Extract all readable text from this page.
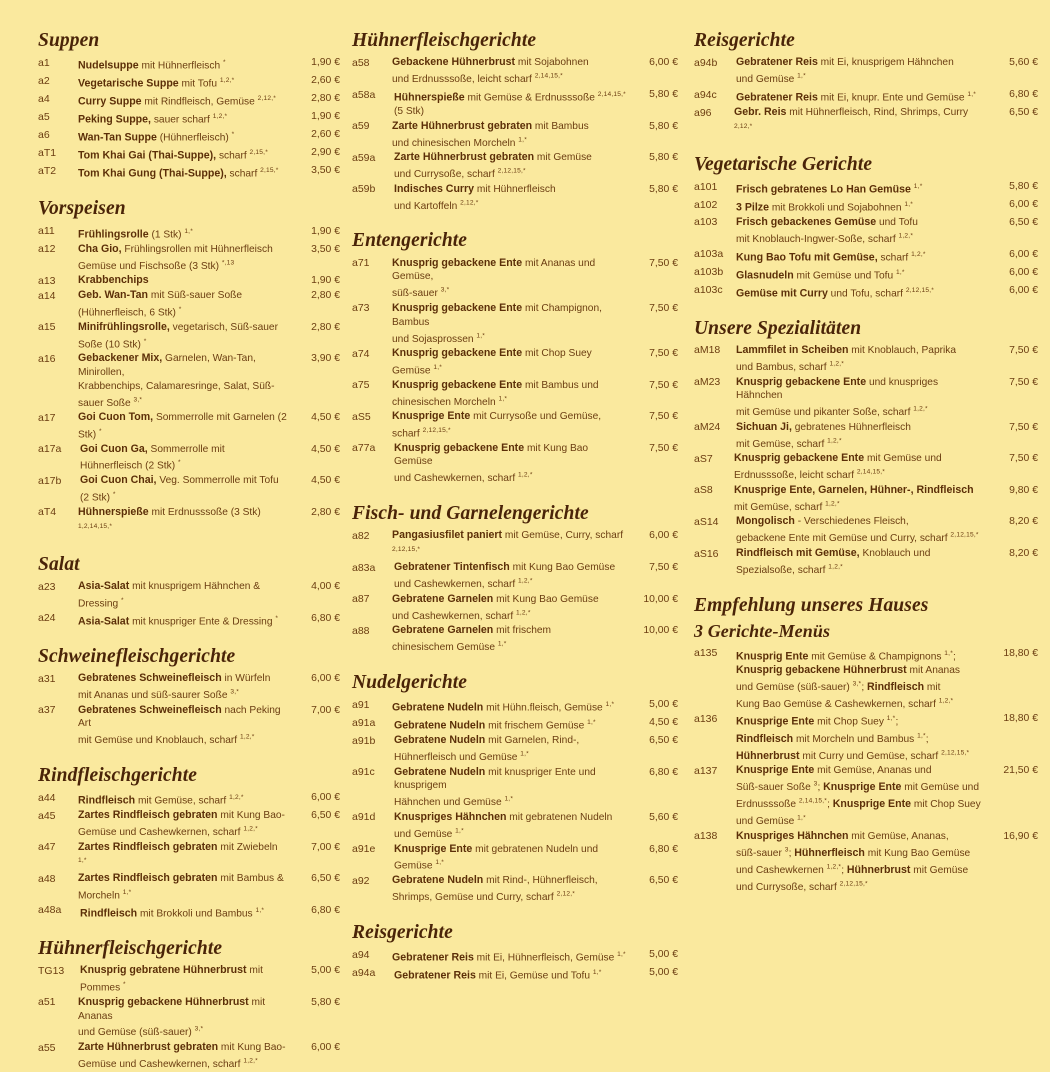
Suppen
a1	Nudelsuppe mit Hühnerfleisch *	1,90 €
a2	Vegetarische Suppe mit Tofu $^{1,2,*}$	2,60 €
a4	Curry Suppe mit Rindfleisch, Gemüse $^{2,12,*}$	2,80 €
a5	Peking Suppe, sauer scharf $^{1,2,*}$	1,90 €
a6	Wan-Tan Suppe (Hühnerfleisch) *	2,60 €
aT1	Tom Khai Gai (Thai-Suppe), scharf $^{2,15,*}$	2,90 €
aT2	Tom Khai Gung (Thai-Suppe), scharf $^{2,15,*}$	3,50 €
Vorspeisen
a11	Frühlingsrolle (1 Stk) $^{1,*}$	1,90 €
a12	Cha Gio, Frühlingsrollen mit Hühnerfleisch
Gemüse und Fischsoße (3 Stk) $^{*,13}$
3,50 €
a13	Krabbenchips	1,90 €
a14	Geb. Wan-Tan mit Süß-sauer Soße (Hühnerfleisch, 6 Stk) *
2,80 €
a15	Minifrühlingsrolle, vegetarisch, Süß-sauer Soße (10 Stk) *
2,80 €
a16	Gebackener Mix, Garnelen, Wan-Tan, Minirollen,
Krabbenchips, Calamaresringe, Salat, Süß-sauer Soße $^{3,*}$
3,90 €
a17	Goi Cuon Tom, Sommerrolle mit Garnelen (2 Stk) *
4,50 €
a17a	Goi Cuon Ga, Sommerrolle mit Hühnerfleisch (2 Stk) *
4,50 €
a17b	Goi Cuon Chai, Veg. Sommerrolle mit Tofu (2 Stk) *
4,50 €
aT4	Hühnerspieße mit Erdnusssoße (3 Stk) $^{1,2,14,15,*}$
2,80 €
Salat
a23	Asia-Salat mit knusprigem Hähnchen & Dressing *
4,00 €
a24	Asia-Salat mit knuspriger Ente & Dressing *	6,80 €
Schweinefleischgerichte
a31	Gebratenes Schweinefleisch in Würfeln
mit Ananas und süß-saurer Soße $^{3,*}$
6,00 €
a37	Gebratenes Schweinefleisch nach Peking Art
mit Gemüse und Knoblauch, scharf $^{1,2,*}$
7,00 €
Rindfleischgerichte
a44	Rindfleisch mit Gemüse, scharf $^{1,2,*}$	6,00 €
a45	Zartes Rindfleisch gebraten mit Kung Bao-
Gemüse und Cashewkernen, scharf $^{1,2,*}$
6,50 €
a47	Zartes Rindfleisch gebraten mit Zwiebeln $^{1,*}$
7,00 €
a48	Zartes Rindfleisch gebraten mit Bambus & Morcheln $^{1,*}$
6,50 €
a48a	Rindfleisch mit Brokkoli und Bambus $^{1,*}$	6,80 €
Hühnerfleischgerichte
TG13	Knusprig gebratene Hühnerbrust mit Pommes *
5,00 €
a51	Knusprig gebackene Hühnerbrust mit Ananas
und Gemüse (süß-sauer) $^{3,*}$
5,80 €
a55	Zarte Hühnerbrust gebraten mit Kung Bao-
Gemüse und Cashewkernen, scharf $^{1,2,*}$
6,00 €
Hühnerfleischgerichte
a58	Gebackene Hühnerbrust mit Sojabohnen
und Erdnusssoße, leicht scharf $^{2,14,15,*}$
6,00 €
a58a	Hühnerspieße mit Gemüse & Erdnusssoße $^{2,14,15,*}$ (5 Stk)
5,80 €
a59	Zarte Hühnerbrust gebraten mit Bambus
und chinesischen Morcheln $^{1,*}$
5,80 €
a59a	Zarte Hühnerbrust gebraten mit Gemüse
und Currysoße, scharf $^{2,12,15,*}$
5,80 €
a59b	Indisches Curry mit Hühnerfleisch
und Kartoffeln $^{2,12,*}$
5,80 €
Entengerichte
a71	Knusprig gebackene Ente mit Ananas und Gemüse,
süß-sauer $^{3,*}$
7,50 €
a73	Knusprig gebackene Ente mit Champignon, Bambus
und Sojasprossen $^{1,*}$
7,50 €
a74	Knusprig gebackene Ente mit Chop Suey Gemüse $^{1,*}$
7,50 €
a75	Knusprig gebackene Ente mit Bambus und
chinesischen Morcheln $^{1,*}$
7,50 €
aS5	Knusprige Ente mit Currysoße und Gemüse, scharf $^{2,12,15,*}$
7,50 €
a77a	Knusprig gebackene Ente mit Kung Bao Gemüse
und Cashewkernen, scharf $^{1,2,*}$
7,50 €
Fisch- und Garnelengerichte
a82	Pangasiusfilet paniert mit Gemüse, Curry, scharf $^{2,12,15,*}$
6,00 €
a83a	Gebratener Tintenfisch mit Kung Bao Gemüse
und Cashewkernen, scharf $^{1,2,*}$
7,50 €
a87	Gebratene Garnelen mit Kung Bao Gemüse
und Cashewkernen, scharf $^{1,2,*}$
10,00 €
a88	Gebratene Garnelen mit frischem
chinesischem Gemüse $^{1,*}$
10,00 €
Nudelgerichte
a91	Gebratene Nudeln mit Hühn.fleisch, Gemüse $^{1,*}$	5,00 €
a91a	Gebratene Nudeln mit frischem Gemüse $^{1,*}$	4,50 €
a91b	Gebratene Nudeln mit Garnelen, Rind-,
Hühnerfleisch und Gemüse $^{1,*}$
6,50 €
a91c	Gebratene Nudeln mit knuspriger Ente und knusprigem
Hähnchen und Gemüse $^{1,*}$
6,80 €
a91d	Knuspriges Hähnchen mit gebratenen Nudeln
und Gemüse $^{1,*}$
5,60 €
a91e	Knusprige Ente mit gebratenen Nudeln und Gemüse $^{1,*}$
6,80 €
a92	Gebratene Nudeln mit Rind-, Hühnerfleisch,
Shrimps, Gemüse und Curry, scharf $^{2,12,*}$
6,50 €
Reisgerichte
a94	Gebratener Reis mit Ei, Hühnerfleisch, Gemüse $^{1,*}$	5,00 €
a94a	Gebratener Reis mit Ei, Gemüse und Tofu $^{1,*}$	5,00 €
Reisgerichte
a94b	Gebratener Reis mit Ei, knusprigem Hähnchen
und Gemüse $^{1,*}$
5,60 €
a94c	Gebratener Reis mit Ei, knupr. Ente und Gemüse $^{1,*}$	6,80 €
a96	Gebr. Reis mit Hühnerfleisch, Rind, Shrimps, Curry $^{2,12,*}$
6,50 €
Vegetarische Gerichte
a101	Frisch gebratenes Lo Han Gemüse $^{1,*}$	5,80 €
a102	3 Pilze mit Brokkoli und Sojabohnen $^{1,*}$	6,00 €
a103	Frisch gebackenes Gemüse und Tofu
mit Knoblauch-Ingwer-Soße, scharf $^{1,2,*}$
6,50 €
a103a	Kung Bao Tofu mit Gemüse, scharf $^{1,2,*}$	6,00 €
a103b	Glasnudeln mit Gemüse und Tofu $^{1,*}$	6,00 €
a103c	Gemüse mit Curry und Tofu, scharf $^{2,12,15,*}$	6,00 €
Unsere Spezialitäten
aM18	Lammfilet in Scheiben mit Knoblauch, Paprika
und Bambus, scharf $^{1,2,*}$
7,50 €
aM23	Knusprig gebackene Ente und knuspriges Hähnchen
mit Gemüse und pikanter Soße, scharf $^{1,2,*}$
7,50 €
aM24	Sichuan Ji, gebratenes Hühnerfleisch
mit Gemüse, scharf $^{1,2,*}$
7,50 €
aS7	Knusprig gebackene Ente mit Gemüse und
Erdnusssoße, leicht scharf $^{2,14,15,*}$
7,50 €
aS8	Knusprige Ente, Garnelen, Hühner-, Rindfleisch
mit Gemüse, scharf $^{1,2,*}$
9,80 €
aS14	Mongolisch - Verschiedenes Fleisch,
gebackene Ente mit Gemüse und Curry, scharf $^{2,12,15,*}$
8,20 €
aS16	Rindfleisch mit Gemüse, Knoblauch und
Spezialsoße, scharf $^{1,2,*}$
8,20 €
Empfehlung unseres Hauses
3 Gerichte-Menüs
a135	Knusprig Ente mit Gemüse & Champignons $^{1,*}$;
Knusprig gebackene Hühnerbrust mit Ananas
und Gemüse (süß-sauer) $^{3,*}$; Rindfleisch mit
Kung Bao Gemüse & Cashewkernen, scharf $^{1,2,*}$
18,80 €
a136	Knusprige Ente mit Chop Suey $^{1,*}$;
Rindfleisch mit Morcheln und Bambus $^{1,*}$;
Hühnerbrust mit Curry und Gemüse, scharf $^{2,12,15,*}$
18,80 €
a137	Knusprige Ente mit Gemüse, Ananas und
Süß-sauer Soße $^3$; Knusprige Ente mit Gemüse und
Erdnusssoße $^{2,14,15,*}$; Knusprige Ente mit Chop Suey
und Gemüse $^{1,*}$
21,50 €
a138	Knuspriges Hähnchen mit Gemüse, Ananas,
süß-sauer $^3$; Hühnerfleisch mit Kung Bao Gemüse
und Cashewkernen $^{1,2,*}$; Hühnerbrust mit Gemüse
und Currysoße, scharf $^{2,12,15,*}$
16,90 €
